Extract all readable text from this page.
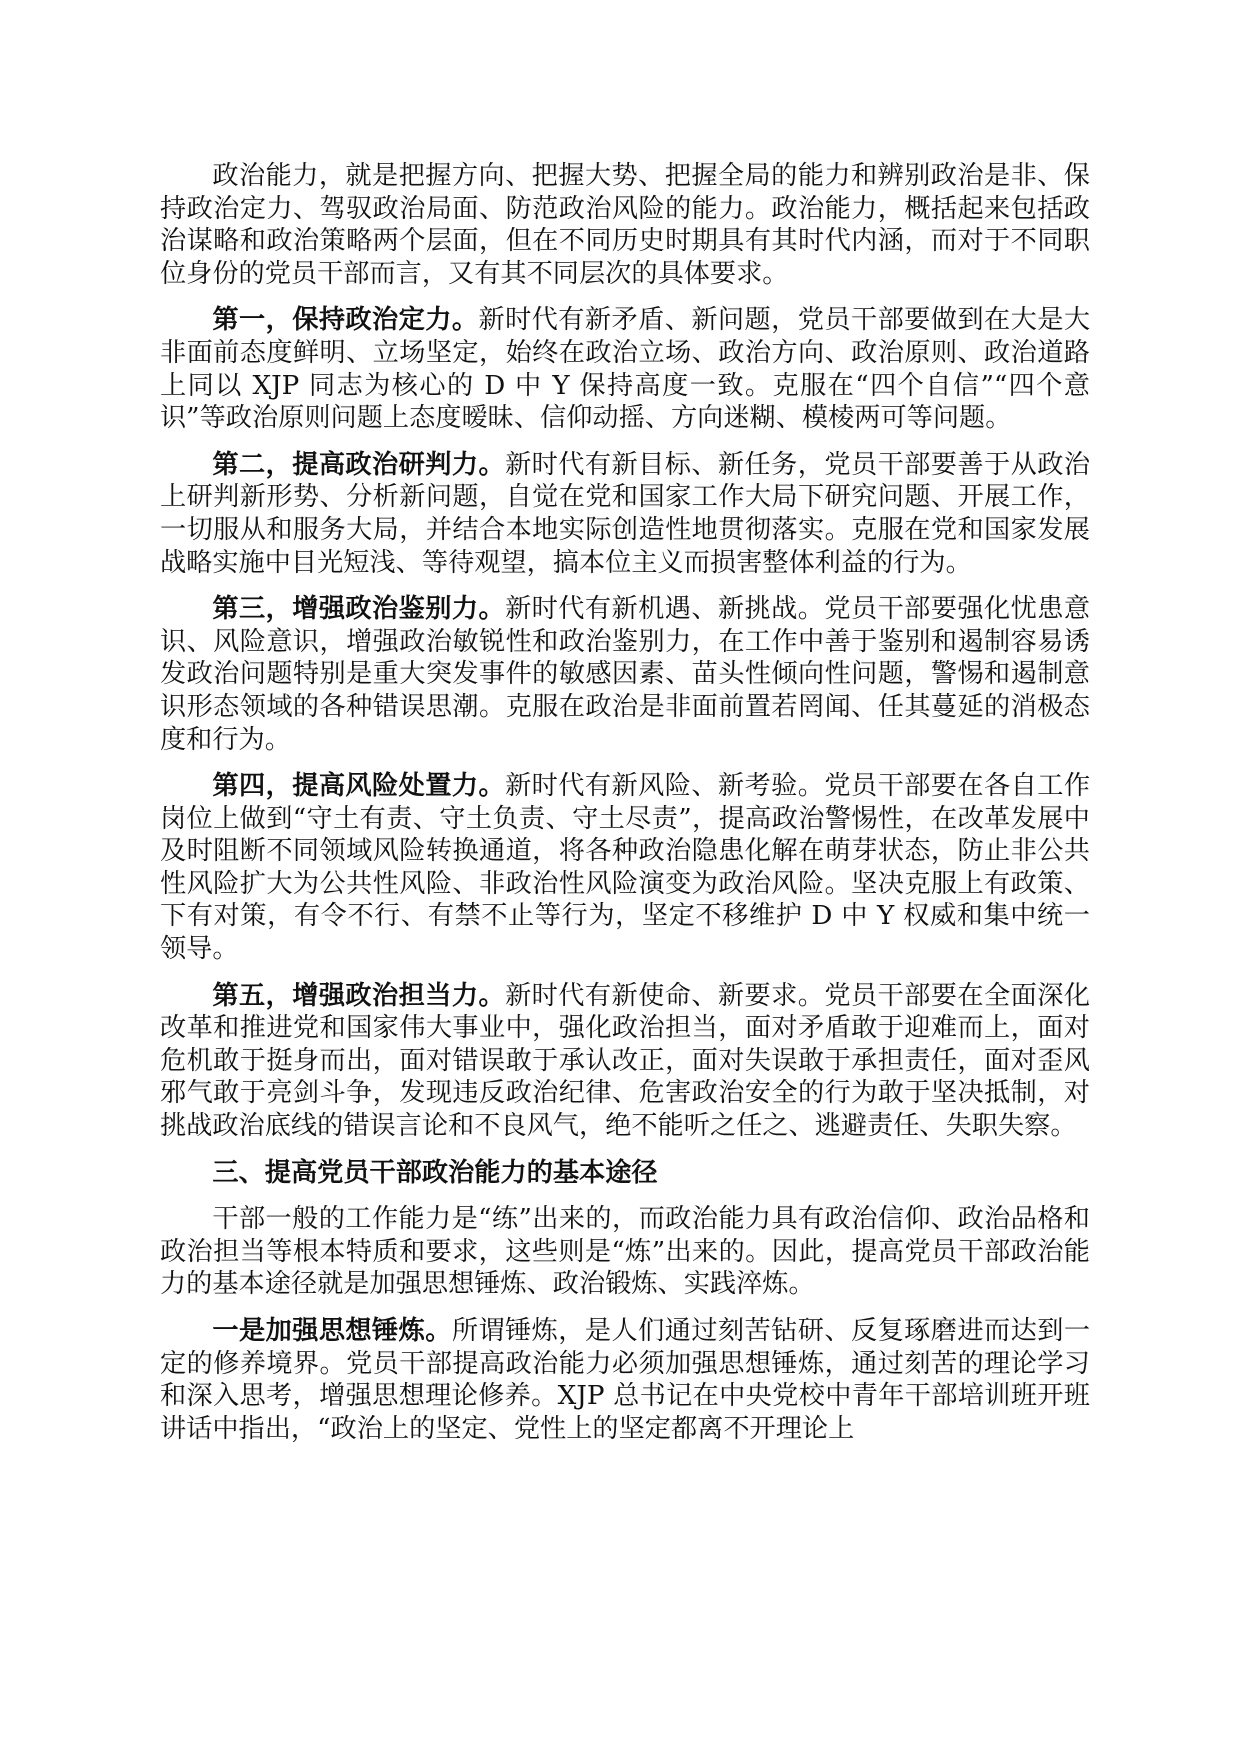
政治能力，就是把握方向、把握大势、把握全局的能力和辨别政治是非、保持政治定力、驾驭政治局面、防范政治风险的能力。政治能力，概括起来包括政治谋略和政治策略两个层面，但在不同历史时期具有其时代内涵，而对于不同职位身份的党员干部而言，又有其不同层次的具体要求。

第一，保持政治定力。新时代有新矛盾、新问题，党员干部要做到在大是大非面前态度鲜明、立场坚定，始终在政治立场、政治方向、政治原则、政治道路上同以 XJP 同志为核心的 D 中 Y 保持高度一致。克服在“四个自信”“四个意识”等政治原则问题上态度暧昧、信仰动摇、方向迷糊、模棱两可等问题。

第二，提高政治研判力。新时代有新目标、新任务，党员干部要善于从政治上研判新形势、分析新问题，自觉在党和国家工作大局下研究问题、开展工作，一切服从和服务大局，并结合本地实际创造性地贯彻落实。克服在党和国家发展战略实施中目光短浅、等待观望，搞本位主义而损害整体利益的行为。

第三，增强政治鉴别力。新时代有新机遇、新挑战。党员干部要强化忧患意识、风险意识，增强政治敏锐性和政治鉴别力，在工作中善于鉴别和遏制容易诱发政治问题特别是重大突发事件的敏感因素、苗头性倾向性问题，警惕和遏制意识形态领域的各种错误思潮。克服在政治是非面前置若罔闻、任其蔓延的消极态度和行为。

第四，提高风险处置力。新时代有新风险、新考验。党员干部要在各自工作岗位上做到“守土有责、守土负责、守土尽责”，提高政治警惕性，在改革发展中及时阻断不同领域风险转换通道，将各种政治隐患化解在萌芽状态，防止非公共性风险扩大为公共性风险、非政治性风险演变为政治风险。坚决克服上有政策、下有对策，有令不行、有禁不止等行为，坚定不移维护 D 中 Y 权威和集中统一领导。

第五，增强政治担当力。新时代有新使命、新要求。党员干部要在全面深化改革和推进党和国家伟大事业中，强化政治担当，面对矛盾敢于迎难而上，面对危机敢于挺身而出，面对错误敢于承认改正，面对失误敢于承担责任，面对歪风邪气敢于亮剑斗争，发现违反政治纪律、危害政治安全的行为敢于坚决抵制，对挑战政治底线的错误言论和不良风气，绝不能听之任之、逃避责任、失职失察。

三、提高党员干部政治能力的基本途径

干部一般的工作能力是“练”出来的，而政治能力具有政治信仰、政治品格和政治担当等根本特质和要求，这些则是“炼”出来的。因此，提高党员干部政治能力的基本途径就是加强思想锤炼、政治锻炼、实践淬炼。

一是加强思想锤炼。所谓锤炼，是人们通过刻苦钻研、反复琢磨进而达到一定的修养境界。党员干部提高政治能力必须加强思想锤炼，通过刻苦的理论学习和深入思考，增强思想理论修养。XJP 总书记在中央党校中青年干部培训班开班讲话中指出，“政治上的坚定、党性上的坚定都离不开理论上
